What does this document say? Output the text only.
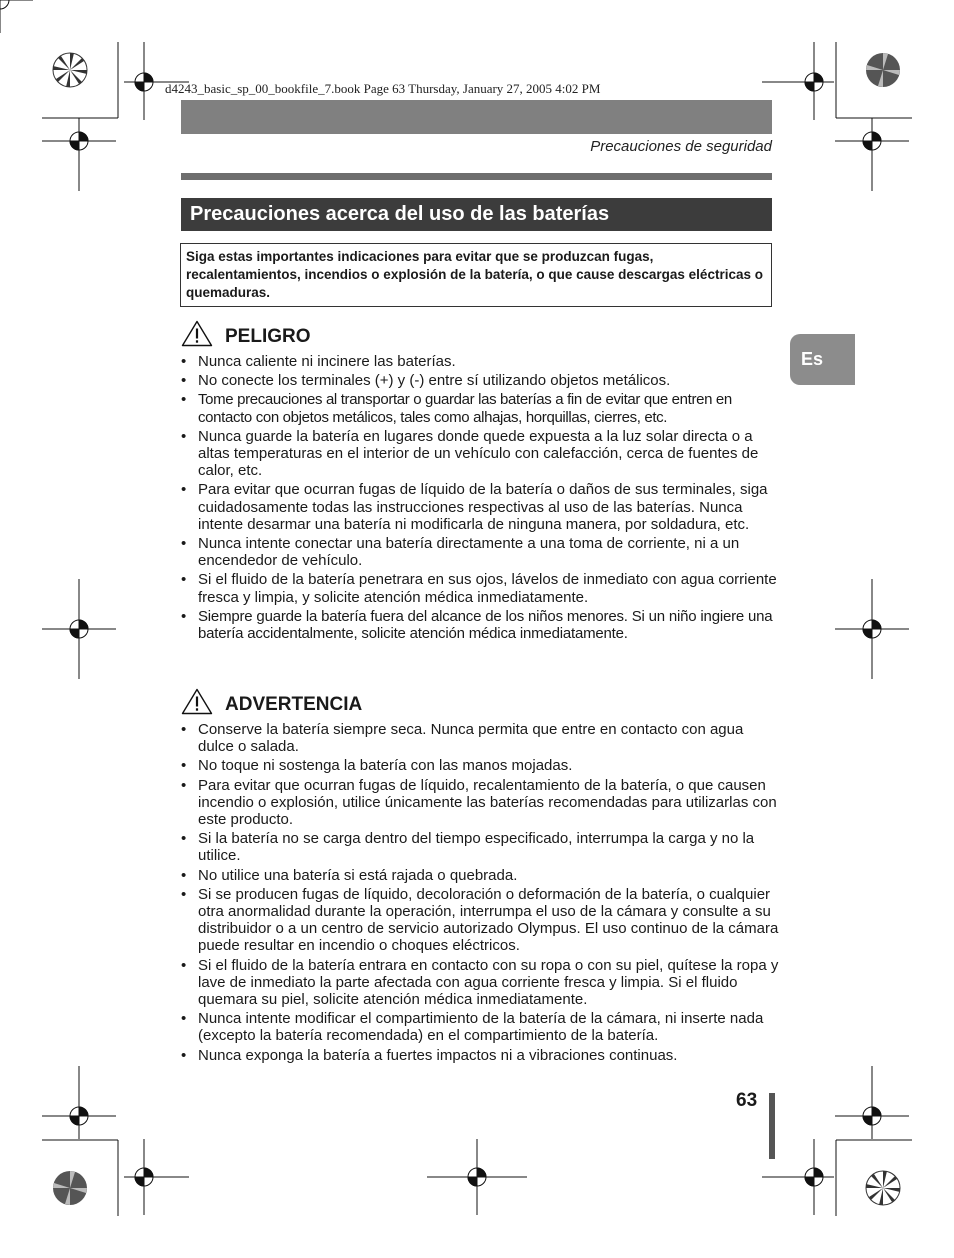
d4243_basic_sp_00_bookfile_7.book Page 63 Thursday, January 27, 2005 4:02 PM
Precauciones de seguridad
Precauciones acerca del uso de las baterías
Siga estas importantes indicaciones para evitar que se produzcan fugas, recalentamientos, incendios o explosión de la batería, o que cause descargas eléctricas o quemaduras.
Es
PELIGRO
• Nunca caliente ni incinere las baterías.
• No conecte los terminales (+) y (-) entre sí utilizando objetos metálicos.
• Tome precauciones al transportar o guardar las baterías a fin de evitar que entren en contacto con objetos metálicos, tales como alhajas, horquillas, cierres, etc.
• Nunca guarde la batería en lugares donde quede expuesta a la luz solar directa o a altas temperaturas en el interior de un vehículo con calefacción, cerca de fuentes de calor, etc.
• Para evitar que ocurran fugas de líquido de la batería o daños de sus terminales, siga cuidadosamente todas las instrucciones respectivas al uso de las baterías. Nunca intente desarmar una batería ni modificarla de ninguna manera, por soldadura, etc.
• Nunca intente conectar una batería directamente a una toma de corriente, ni a un encendedor de vehículo.
• Si el fluido de la batería penetrara en sus ojos, lávelos de inmediato con agua corriente fresca y limpia, y solicite atención médica inmediatamente.
• Siempre guarde la batería fuera del alcance de los niños menores. Si un niño ingiere una batería accidentalmente, solicite atención médica inmediatamente.
ADVERTENCIA
• Conserve la batería siempre seca. Nunca permita que entre en contacto con agua dulce o salada.
• No toque ni sostenga la batería con las manos mojadas.
• Para evitar que ocurran fugas de líquido, recalentamiento de la batería, o que causen incendio o explosión, utilice únicamente las baterías recomendadas para utilizarlas con este producto.
• Si la batería no se carga dentro del tiempo especificado, interrumpa la carga y no la utilice.
• No utilice una batería si está rajada o quebrada.
• Si se producen fugas de líquido, decoloración o deformación de la batería, o cualquier otra anormalidad durante la operación, interrumpa el uso de la cámara y consulte a su distribuidor o a un centro de servicio autorizado Olympus. El uso continuo de la cámara puede resultar en incendio o choques eléctricos.
• Si el fluido de la batería entrara en contacto con su ropa o con su piel, quítese la ropa y lave de inmediato la parte afectada con agua corriente fresca y limpia. Si el fluido quemara su piel, solicite atención médica inmediatamente.
• Nunca intente modificar el compartimiento de la batería de la cámara, ni inserte nada (excepto la batería recomendada) en el compartimiento de la batería.
• Nunca exponga la batería a fuertes impactos ni a vibraciones continuas.
63
